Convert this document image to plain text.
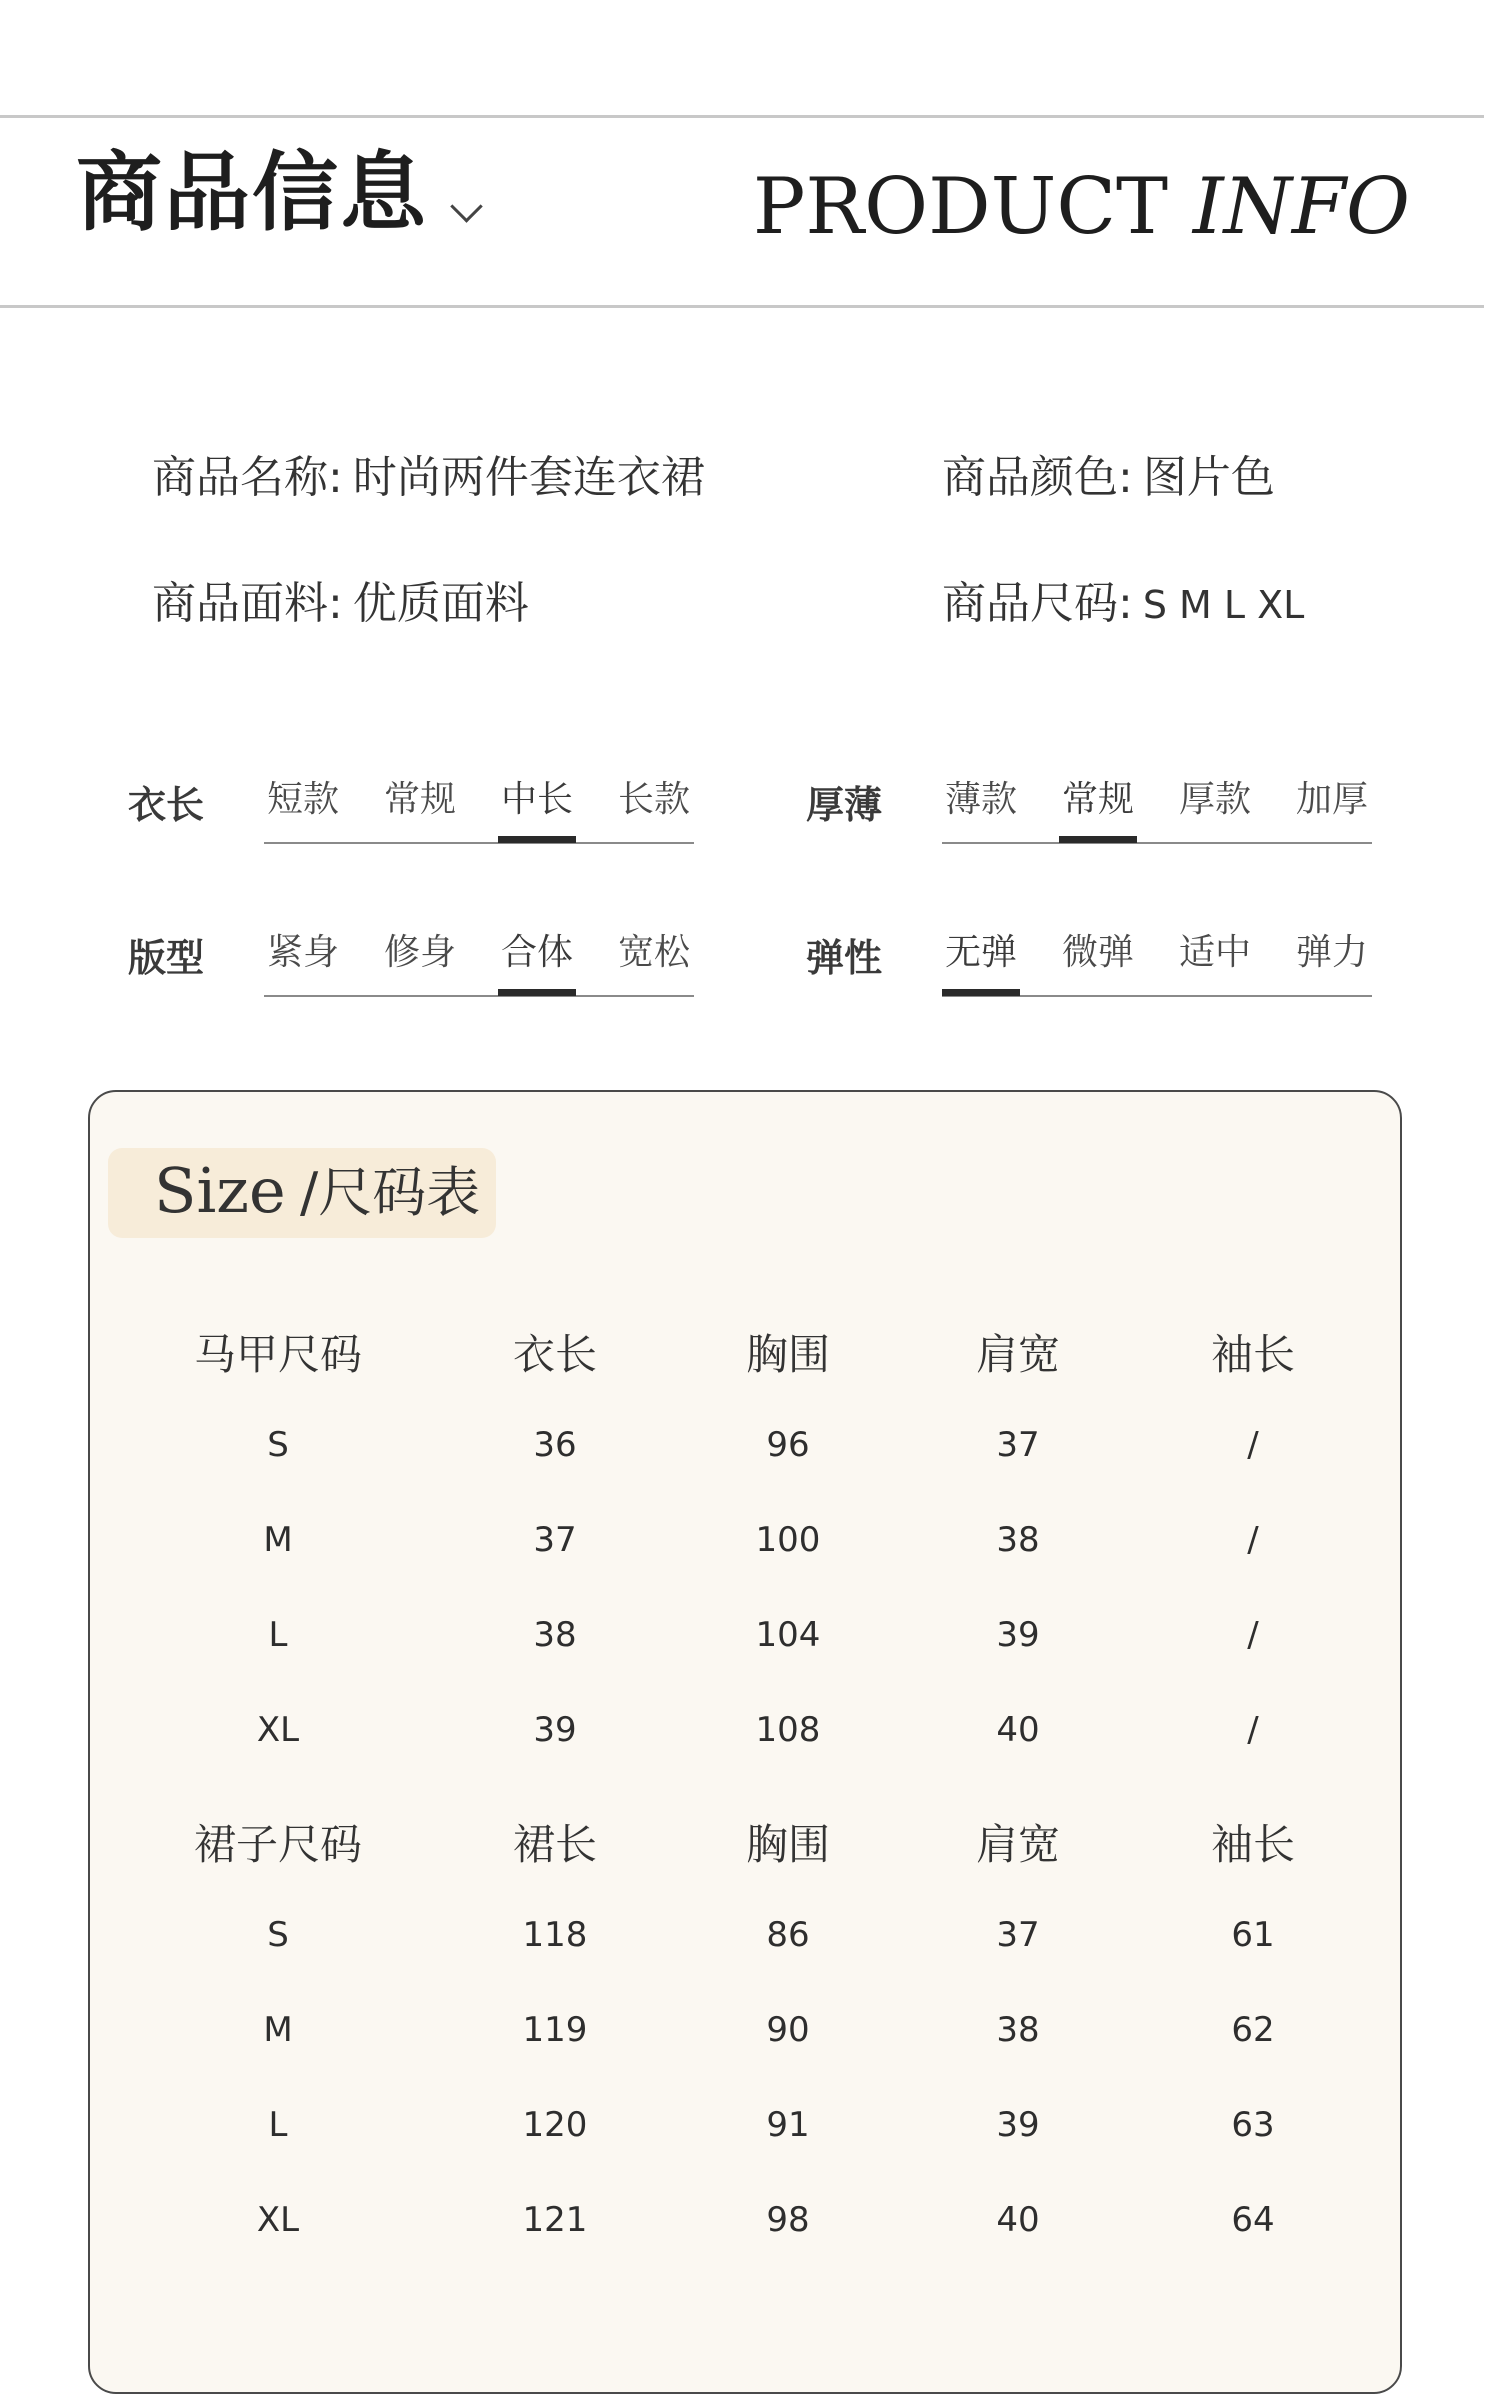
商品信息	PRODUCT INFO
商品名称: 时尚两件套连衣裙	商品颜色: 图片色
商品面料: 优质面料	商品尺码: S M L XL
衣长 短款 常规 中长 长款	厚薄 薄款 常规 厚款 加厚
版型 紧身 修身 合体 宽松	弹性 无弹 微弹 适中 弹力
Size /尺码表
马甲尺码	衣长	胸围	肩宽	袖长
S	36	96	37	/
M	37	100	38	/
L	38	104	39	/
XL	39	108	40	/
裙子尺码	裙长	胸围	肩宽	袖长
S	118	86	37	61
M	119	90	38	62
L	120	91	39	63
XL	121	98	40	64
